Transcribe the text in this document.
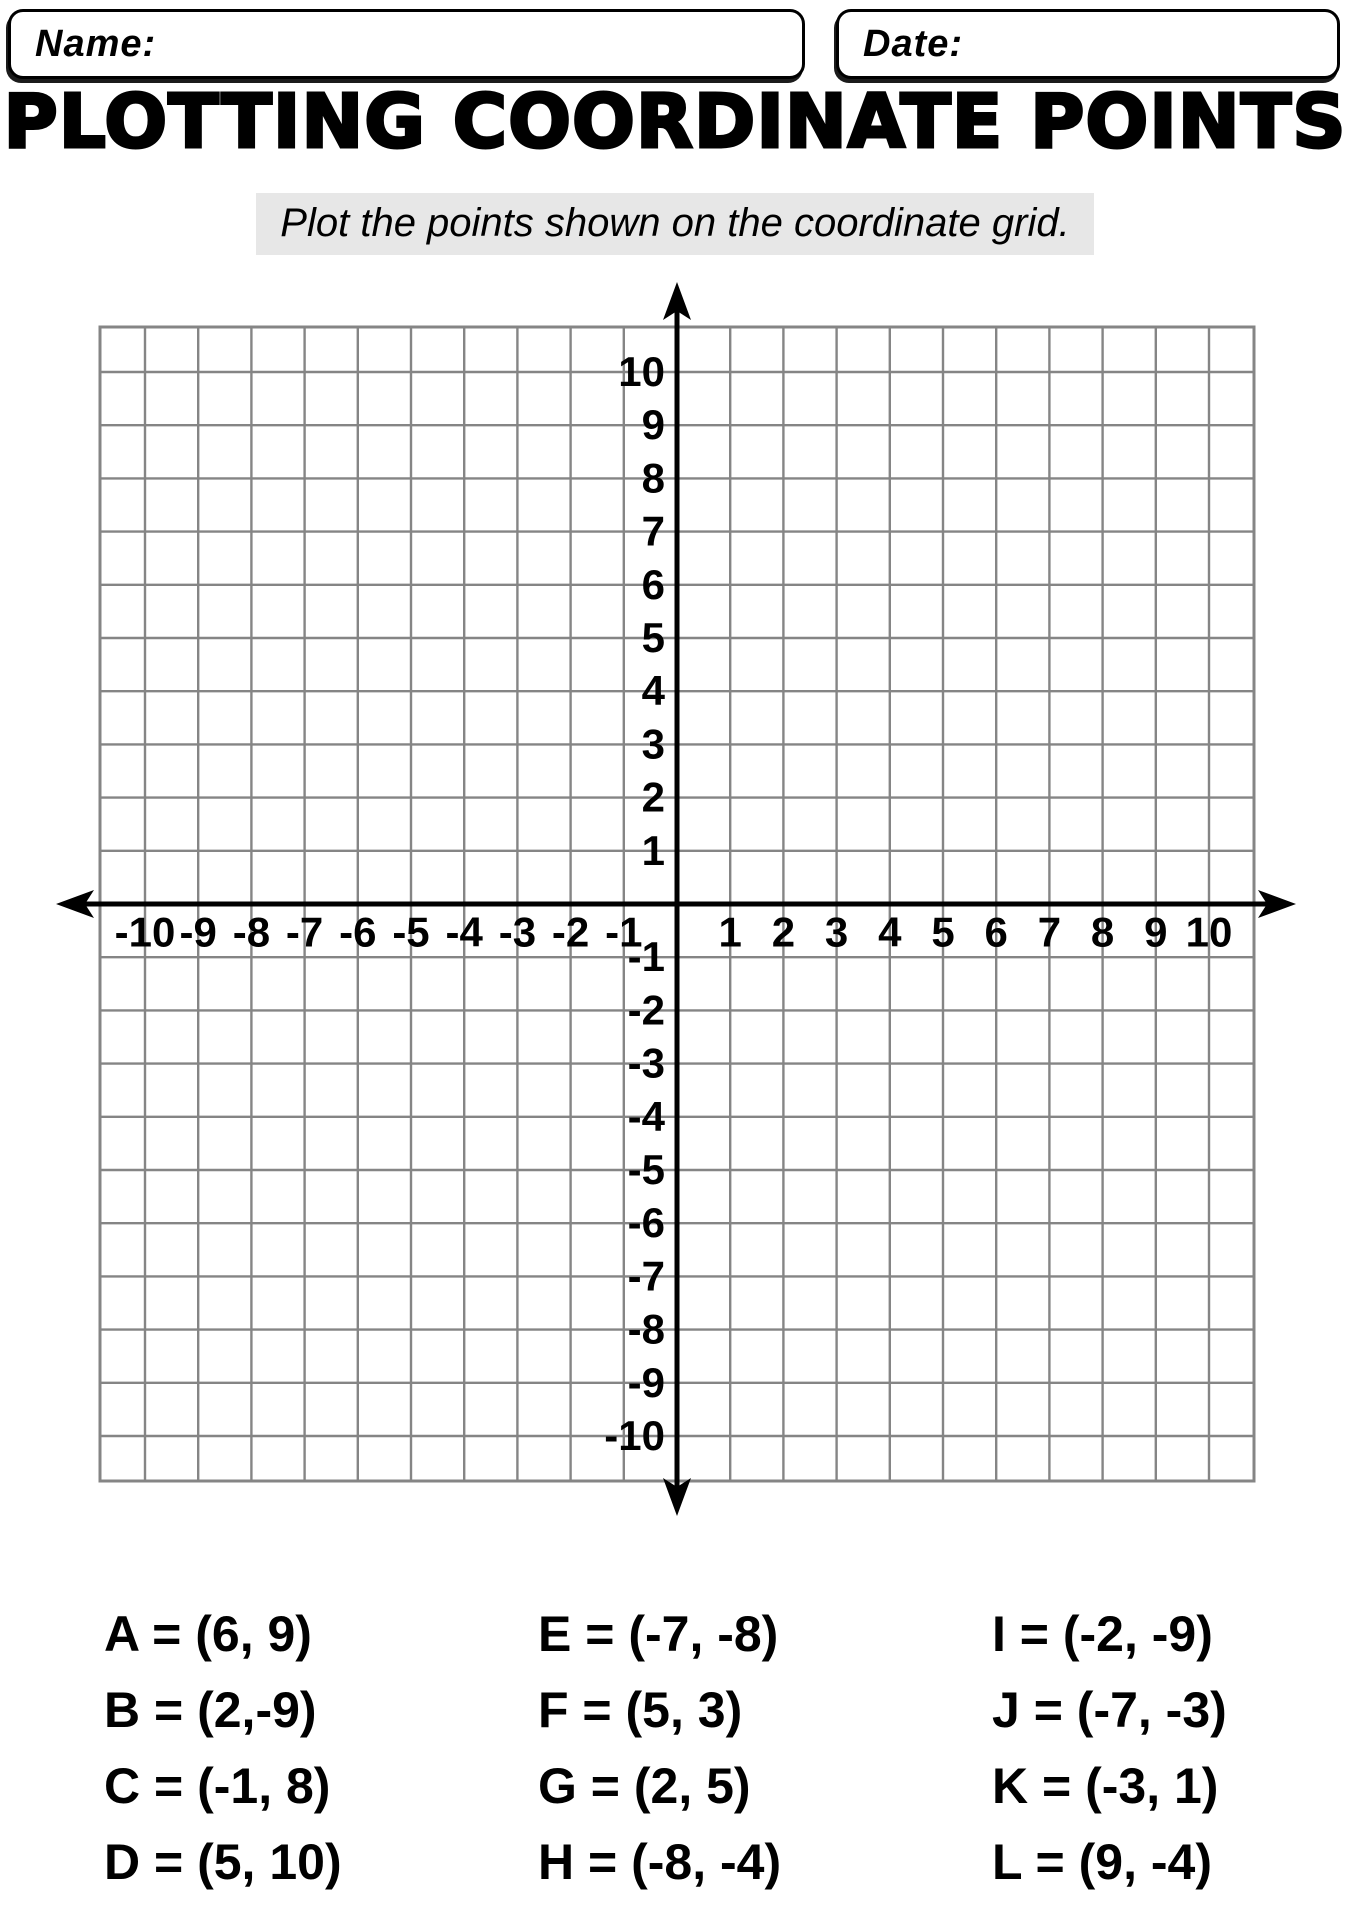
Name:	Date:
PLOTTING COORDINATE POINTS
Plot the points shown on the coordinate grid.
-10 -9 -8 -7 -6 -5 -4 -3 -2 -1 1 2 3 4 5 6 7 8 9 10
10
9
8
7
6
5
4
3
2
1
-1
-2
-3
-4
-5
-6
-7
-8
-9
-10

A = (6, 9)

B = (2,-9)

C = (-1, 8)

D = (5, 10)

E = (-7, -8)

F = (5, 3)

G = (2, 5)

H = (-8, -4)

I = (-2, -9)

J = (-7, -3)

K = (-3, 1)

L = (9, -4)
